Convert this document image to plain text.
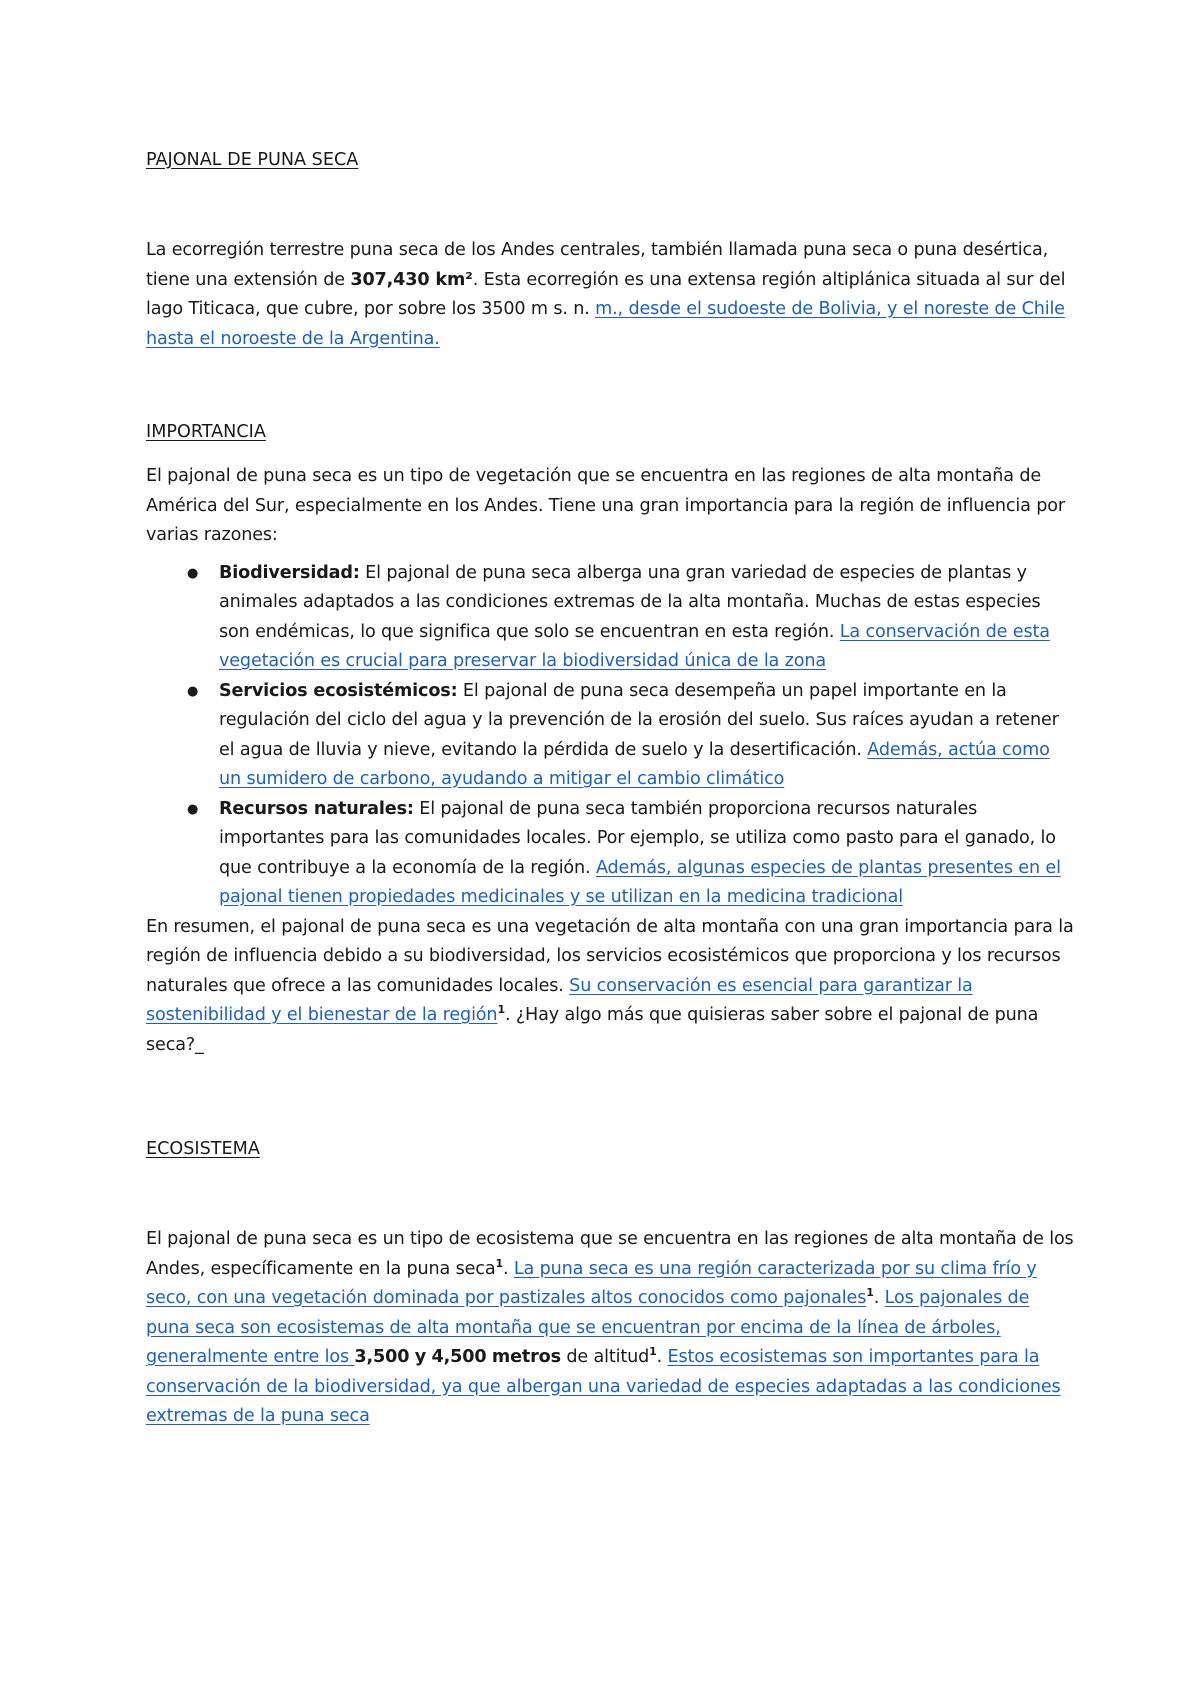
PAJONAL DE PUNA SECA

La ecorregión terrestre puna seca de los Andes centrales, también llamada puna seca o puna desértica, tiene una extensión de 307,430 km². Esta ecorregión es una extensa región altiplánica situada al sur del lago Titicaca, que cubre, por sobre los 3500 m s. n. m., desde el sudoeste de Bolivia, y el noreste de Chile hasta el noroeste de la Argentina.

IMPORTANCIA

El pajonal de puna seca es un tipo de vegetación que se encuentra en las regiones de alta montaña de América del Sur, especialmente en los Andes. Tiene una gran importancia para la región de influencia por varias razones:

● Biodiversidad: El pajonal de puna seca alberga una gran variedad de especies de plantas y animales adaptados a las condiciones extremas de la alta montaña. Muchas de estas especies son endémicas, lo que significa que solo se encuentran en esta región. La conservación de esta vegetación es crucial para preservar la biodiversidad única de la zona

● Servicios ecosistémicos: El pajonal de puna seca desempeña un papel importante en la regulación del ciclo del agua y la prevención de la erosión del suelo. Sus raíces ayudan a retener el agua de lluvia y nieve, evitando la pérdida de suelo y la desertificación. Además, actúa como un sumidero de carbono, ayudando a mitigar el cambio climático

● Recursos naturales: El pajonal de puna seca también proporciona recursos naturales importantes para las comunidades locales. Por ejemplo, se utiliza como pasto para el ganado, lo que contribuye a la economía de la región. Además, algunas especies de plantas presentes en el pajonal tienen propiedades medicinales y se utilizan en la medicina tradicional

En resumen, el pajonal de puna seca es una vegetación de alta montaña con una gran importancia para la región de influencia debido a su biodiversidad, los servicios ecosistémicos que proporciona y los recursos naturales que ofrece a las comunidades locales. Su conservación es esencial para garantizar la sostenibilidad y el bienestar de la región$^1$. ¿Hay algo más que quisieras saber sobre el pajonal de puna seca?_

ECOSISTEMA

El pajonal de puna seca es un tipo de ecosistema que se encuentra en las regiones de alta montaña de los Andes, específicamente en la puna seca$^1$. La puna seca es una región caracterizada por su clima frío y seco, con una vegetación dominada por pastizales altos conocidos como pajonales$^1$. Los pajonales de puna seca son ecosistemas de alta montaña que se encuentran por encima de la línea de árboles, generalmente entre los 3,500 y 4,500 metros de altitud$^1$. Estos ecosistemas son importantes para la conservación de la biodiversidad, ya que albergan una variedad de especies adaptadas a las condiciones extremas de la puna seca
